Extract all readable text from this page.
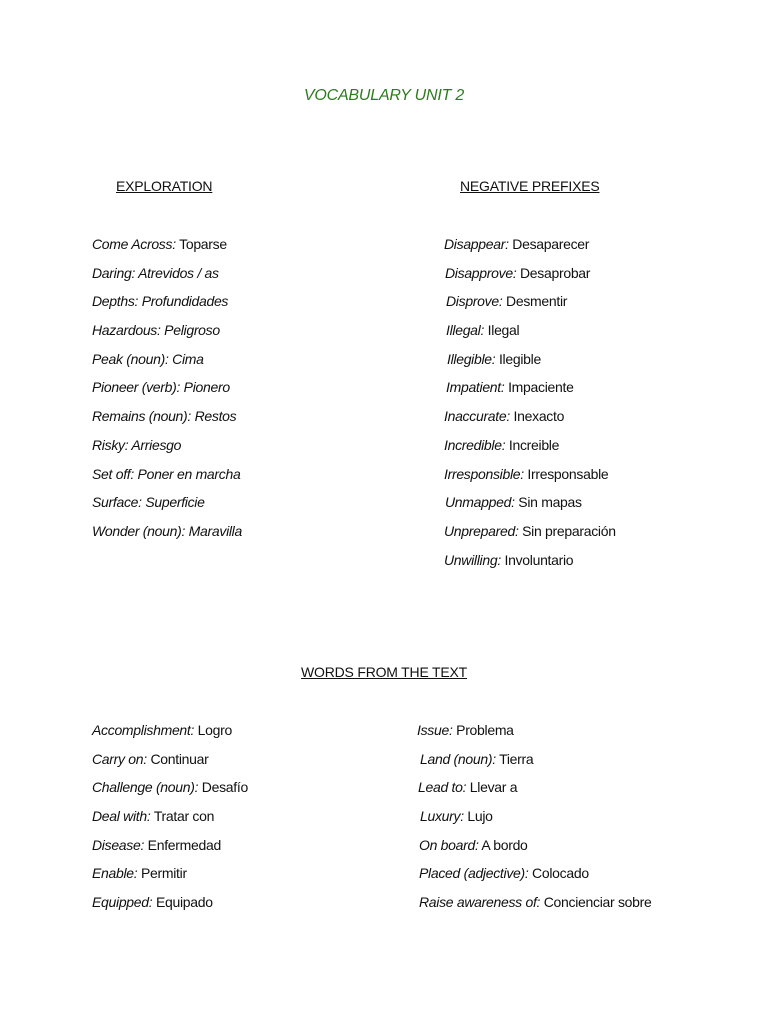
VOCABULARY UNIT 2
EXPLORATION	NEGATIVE PREFIXES
Come Across: Toparse
Daring: Atrevidos / as
Depths: Profundidades
Hazardous: Peligroso
Peak (noun): Cima
Pioneer (verb): Pionero
Remains (noun): Restos
Risky: Arriesgo
Set off: Poner en marcha
Surface: Superficie
Wonder (noun): Maravilla
Disappear: Desaparecer
Disapprove: Desaprobar
Disprove: Desmentir
Illegal: Ilegal
Illegible: Ilegible
Impatient: Impaciente
Inaccurate: Inexacto
Incredible: Increible
Irresponsible: Irresponsable
Unmapped: Sin mapas
Unprepared: Sin preparación
Unwilling: Involuntario
WORDS FROM THE TEXT
Accomplishment: Logro
Carry on: Continuar
Challenge (noun): Desafío
Deal with: Tratar con
Disease: Enfermedad
Enable: Permitir
Equipped: Equipado
Issue: Problema
Land (noun): Tierra
Lead to: Llevar a
Luxury: Lujo
On board: A bordo
Placed (adjective): Colocado
Raise awareness of: Concienciar sobre
